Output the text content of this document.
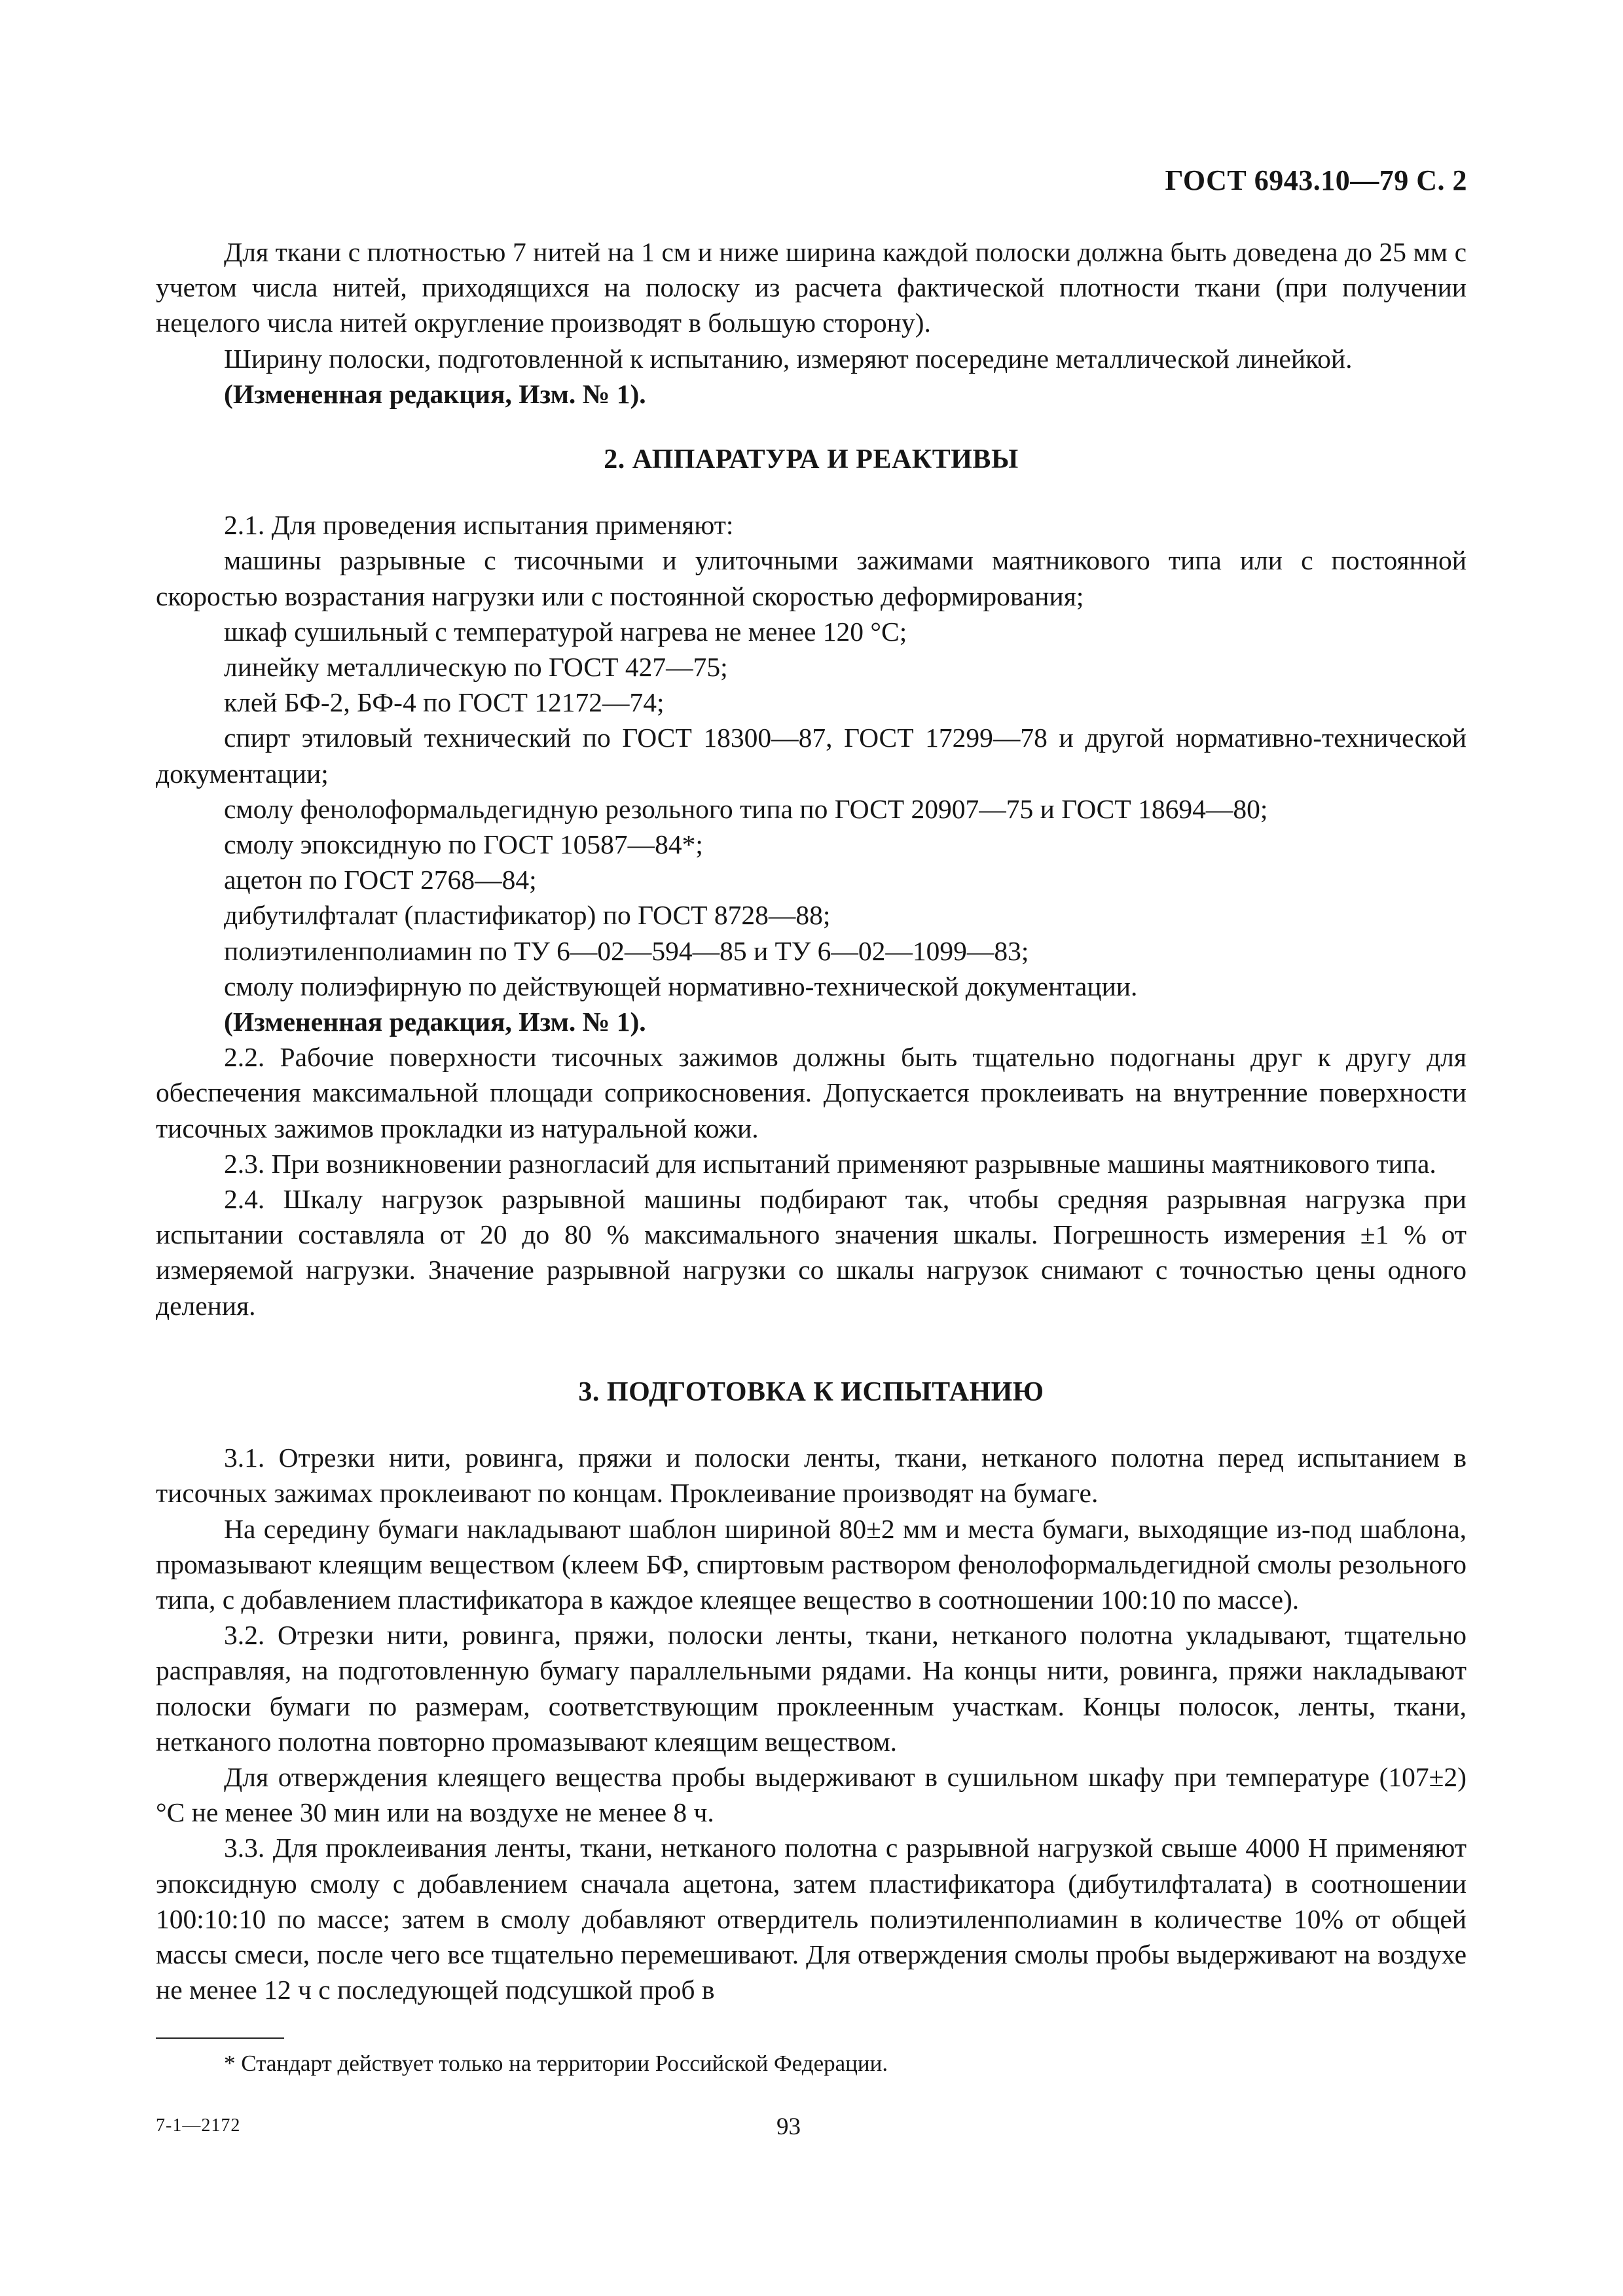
ГОСТ 6943.10—79 С. 2

Для ткани с плотностью 7 нитей на 1 см и ниже ширина каждой полоски должна быть доведена до 25 мм с учетом числа нитей, приходящихся на полоску из расчета фактической плотности ткани (при получении нецелого числа нитей округление производят в большую сторону).

Ширину полоски, подготовленной к испытанию, измеряют посередине металлической линейкой.

(Измененная редакция, Изм. № 1).

2. АППАРАТУРА И РЕАКТИВЫ

2.1. Для проведения испытания применяют:

машины разрывные с тисочными и улиточными зажимами маятникового типа или с постоянной скоростью возрастания нагрузки или с постоянной скоростью деформирования;

шкаф сушильный с температурой нагрева не менее 120 °С;

линейку металлическую по ГОСТ 427—75;

клей БФ-2, БФ-4 по ГОСТ 12172—74;

спирт этиловый технический по ГОСТ 18300—87, ГОСТ 17299—78 и другой нормативно-технической документации;

смолу фенолоформальдегидную резольного типа по ГОСТ 20907—75 и ГОСТ 18694—80;

смолу эпоксидную по ГОСТ 10587—84*;

ацетон по ГОСТ 2768—84;

дибутилфталат (пластификатор) по ГОСТ 8728—88;

полиэтиленполиамин по ТУ 6—02—594—85 и ТУ 6—02—1099—83;

смолу полиэфирную по действующей нормативно-технической документации.

(Измененная редакция, Изм. № 1).

2.2. Рабочие поверхности тисочных зажимов должны быть тщательно подогнаны друг к другу для обеспечения максимальной площади соприкосновения. Допускается проклеивать на внутренние поверхности тисочных зажимов прокладки из натуральной кожи.

2.3. При возникновении разногласий для испытаний применяют разрывные машины маятникового типа.

2.4. Шкалу нагрузок разрывной машины подбирают так, чтобы средняя разрывная нагрузка при испытании составляла от 20 до 80 % максимального значения шкалы. Погрешность измерения ±1 % от измеряемой нагрузки. Значение разрывной нагрузки со шкалы нагрузок снимают с точностью цены одного деления.

3. ПОДГОТОВКА К ИСПЫТАНИЮ

3.1. Отрезки нити, ровинга, пряжи и полоски ленты, ткани, нетканого полотна перед испытанием в тисочных зажимах проклеивают по концам. Проклеивание производят на бумаге.

На середину бумаги накладывают шаблон шириной 80±2 мм и места бумаги, выходящие из-под шаблона, промазывают клеящим веществом (клеем БФ, спиртовым раствором фенолоформальдегидной смолы резольного типа, с добавлением пластификатора в каждое клеящее вещество в соотношении 100:10 по массе).

3.2. Отрезки нити, ровинга, пряжи, полоски ленты, ткани, нетканого полотна укладывают, тщательно расправляя, на подготовленную бумагу параллельными рядами. На концы нити, ровинга, пряжи накладывают полоски бумаги по размерам, соответствующим проклеенным участкам. Концы полосок, ленты, ткани, нетканого полотна повторно промазывают клеящим веществом.

Для отверждения клеящего вещества пробы выдерживают в сушильном шкафу при температуре (107±2) °С не менее 30 мин или на воздухе не менее 8 ч.

3.3. Для проклеивания ленты, ткани, нетканого полотна с разрывной нагрузкой свыше 4000 Н применяют эпоксидную смолу с добавлением сначала ацетона, затем пластификатора (дибутилфталата) в соотношении 100:10:10 по массе; затем в смолу добавляют отвердитель полиэтиленполиамин в количестве 10% от общей массы смеси, после чего все тщательно перемешивают. Для отверждения смолы пробы выдерживают на воздухе не менее 12 ч с последующей подсушкой проб в

* Стандарт действует только на территории Российской Федерации.
7-1—2172	93
